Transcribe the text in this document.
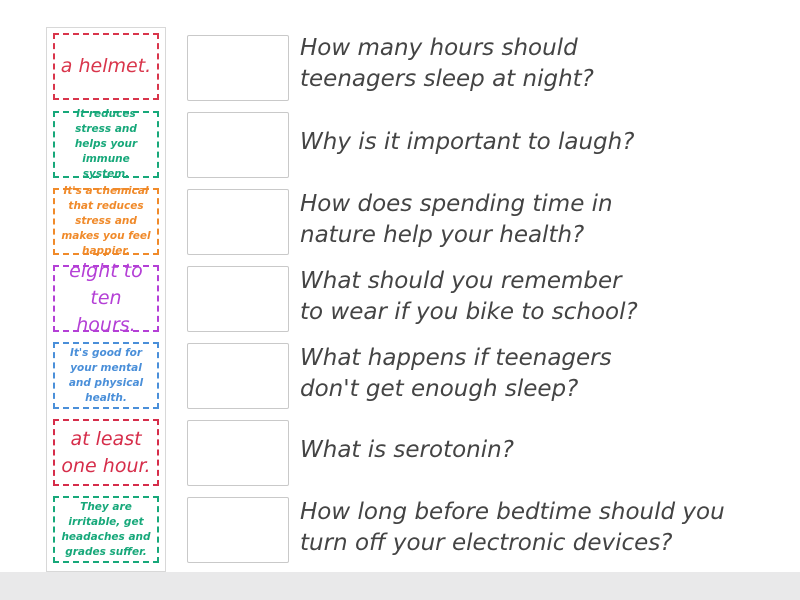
a helmet.
It reduces stress and helps your immune system.
It's a chemical that reduces stress and makes you feel happier.
eight to ten hours.
It's good for your mental and physical health.
at least one hour.
They are irritable, get headaches and grades suffer.
How many hours should
teenagers sleep at night?
Why is it important to laugh?
How does spending time in
nature help your health?
What should you remember
to wear if you bike to school?
What happens if teenagers
don't get enough sleep?
What is serotonin?
How long before bedtime should you
turn off your electronic devices?
